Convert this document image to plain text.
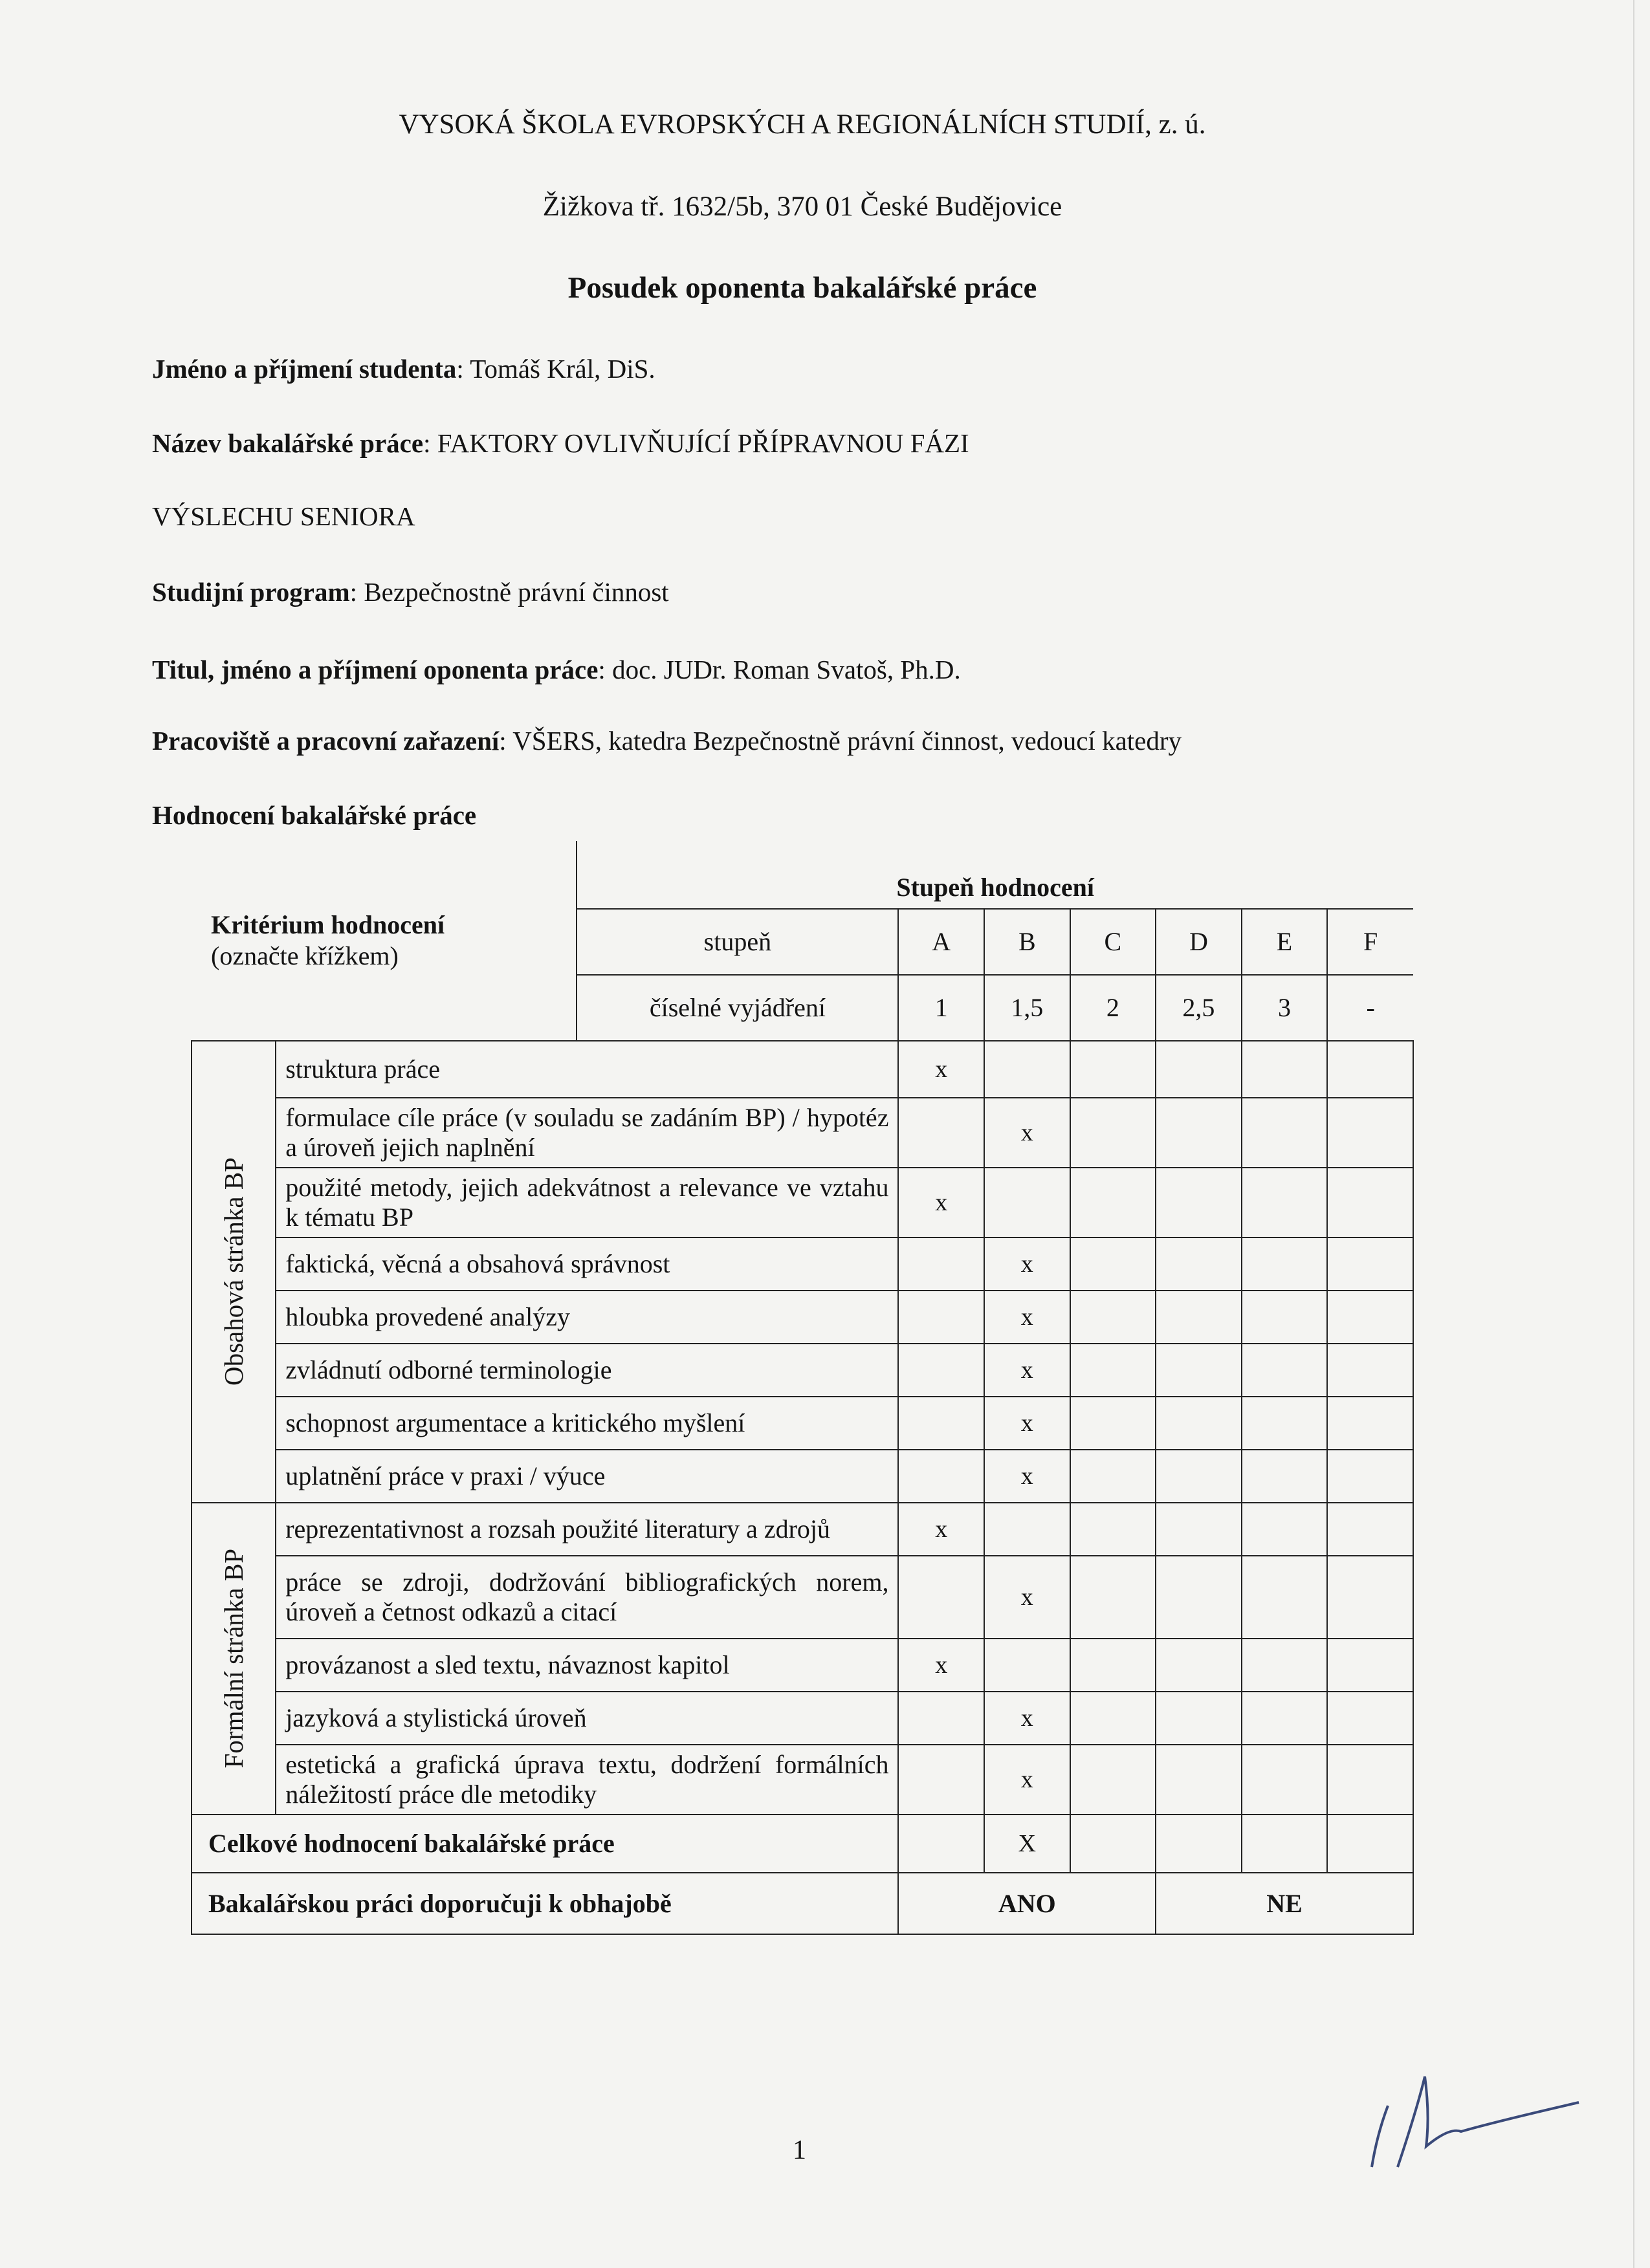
VYSOKÁ ŠKOLA EVROPSKÝCH A REGIONÁLNÍCH STUDIÍ, z. ú.
Žižkova tř. 1632/5b, 370 01 České Budějovice
Posudek oponenta bakalářské práce
Jméno a příjmení studenta: Tomáš Král, DiS.
Název bakalářské práce: FAKTORY OVLIVŇUJÍCÍ PŘÍPRAVNOU FÁZI
VÝSLECHU SENIORA
Studijní program: Bezpečnostně právní činnost
Titul, jméno a příjmení oponenta práce: doc. JUDr. Roman Svatoš, Ph.D.
Pracoviště a pracovní zařazení: VŠERS, katedra Bezpečnostně právní činnost, vedoucí katedry
Hodnocení bakalářské práce
Kritérium hodnocení
(označte křížkem)		Stupeň hodnocení						
		stupeň	A	B	C	D	E	F
		číselné vyjádření	1	1,5	2	2,5	3	-

Obsahová stránka BP	struktura práce		x					
	formulace cíle práce (v souladu se zadáním BP) / hypotéz a úroveň jejich naplnění			x				
	použité metody, jejich adekvátnost a relevance ve vztahu k tématu BP		x					
	faktická, věcná a obsahová správnost			x				
	hloubka provedené analýzy			x				
	zvládnutí odborné terminologie			x				
	schopnost argumentace a kritického myšlení			x				
	uplatnění práce v praxi / výuce			x				

Formální stránka BP	reprezentativnost a rozsah použité literatury a zdrojů		x					
	práce se zdroji, dodržování bibliografických norem, úroveň a četnost odkazů a citací			x				
	provázanost a sled textu, návaznost kapitol		x					
	jazyková a stylistická úroveň			x				
	estetická a grafická úprava textu, dodržení formálních náležitostí práce dle metodiky			x				
Celkové hodnocení bakalářské práce				X				
Bakalářskou práci doporučuji k obhajobě			ANO			NE		
1
